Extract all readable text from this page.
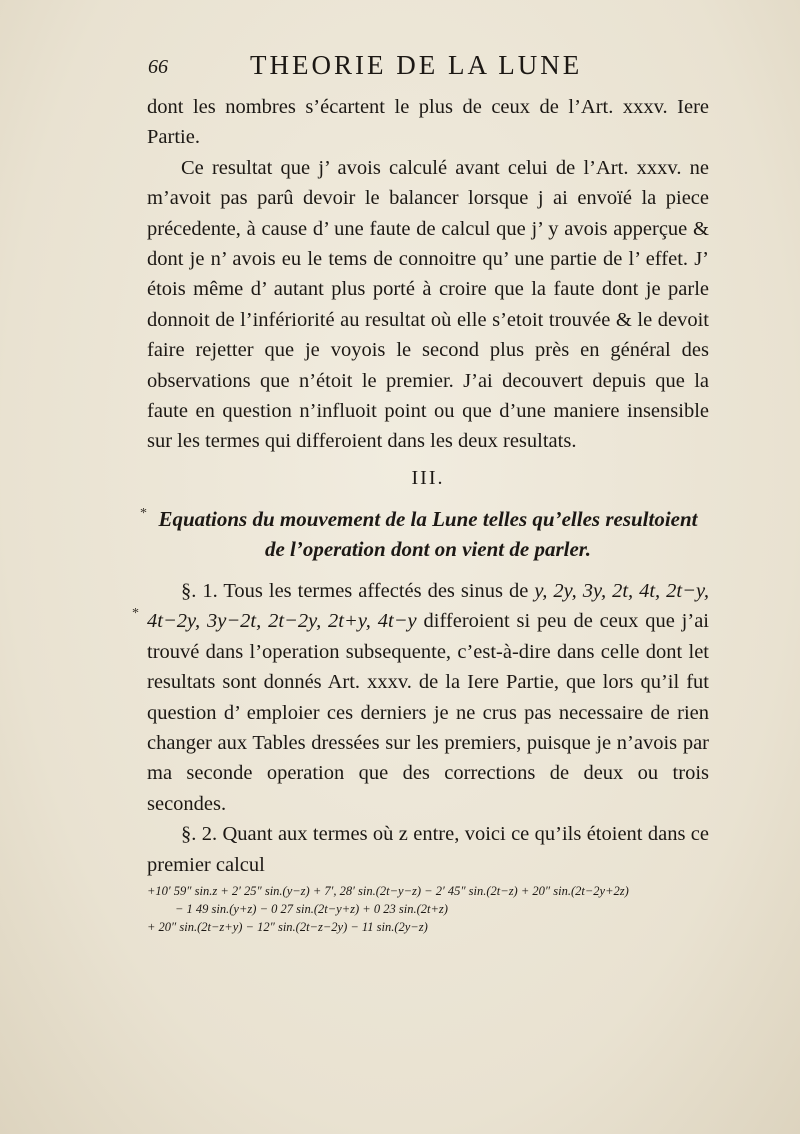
66	THEORIE DE LA LUNE

dont les nombres s’écartent le plus de ceux de l’Art. xxxv. Iere Partie.

Ce resultat que j’ avois calculé avant celui de l’Art. xxxv. ne m’avoit pas parû devoir le balancer lorsque j ai envoïé la piece précedente, à cause d’ une faute de calcul que j’ y avois apperçue & dont je n’ avois eu le tems de connoitre qu’ une partie de l’ effet. J’ étois même d’ autant plus porté à croire que la faute dont je parle donnoit de l’infériorité au resultat où elle s’etoit trouvée & le devoit faire rejetter que je voyois le second plus près en général des observations que n’étoit le premier. J’ai decouvert depuis que la faute en question n’influoit point ou que d’une maniere insensible sur les termes qui differoient dans les deux resultats.

III.
Equations du mouvement de la Lune telles qu’elles resultoient
de l’operation dont on vient de parler.

§. 1. Tous les termes affectés des sinus de y, 2y, 3y, 2t, 4t, 2t−y, 4t−2y, 3y−2t, 2t−2y, 2t+y, 4t−y differoient si peu de ceux que j’ai trouvé dans l’operation subsequente, c’est-à-dire dans celle dont let resultats sont donnés Art. xxxv. de la Iere Partie, que lors qu’il fut question d’ emploier ces derniers je ne crus pas necessaire de rien changer aux Tables dressées sur les premiers, puisque je n’avois par ma seconde operation que des corrections de deux ou trois secondes.

§. 2. Quant aux termes où z entre, voici ce qu’ils étoient dans ce premier calcul

+10′ 59″ sin.z + 2′ 25″ sin.(y−z) + 7′, 28′ sin.(2t−y−z) − 2′ 45″ sin.(2t−z) + 20″ sin.(2t−2y+2z)
− 1 49 sin.(y+z) − 0 27 sin.(2t−y+z) + 0 23 sin.(2t+z)
+ 20″ sin.(2t−z+y) − 12″ sin.(2t−z−2y) − 11 sin.(2y−z)
*
*
